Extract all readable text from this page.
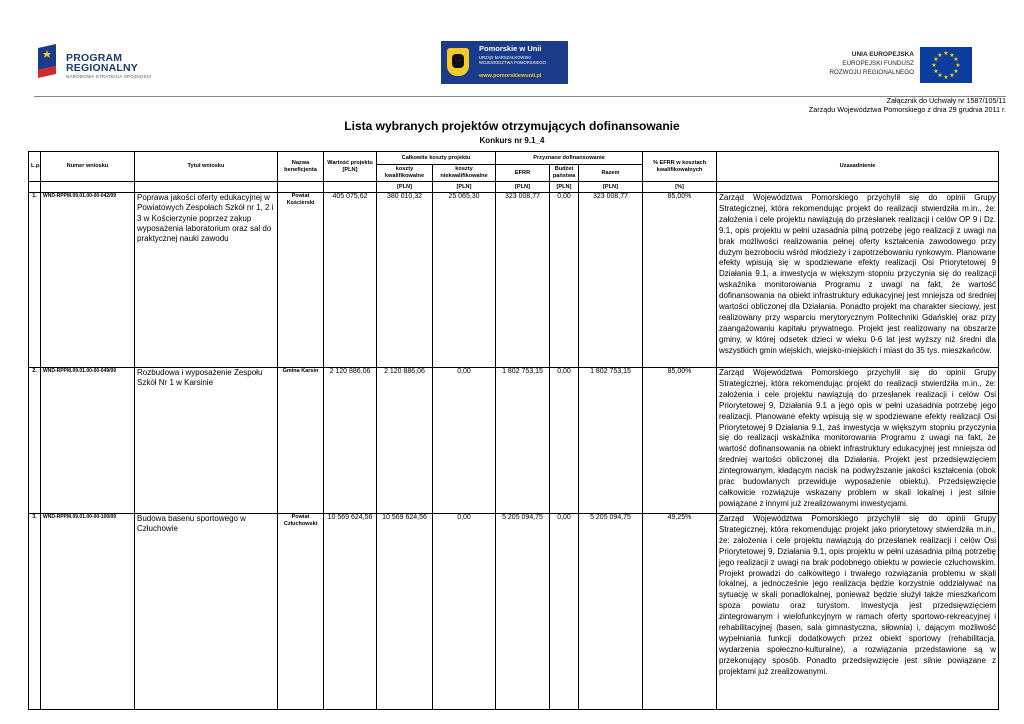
PROGRAM
REGIONALNY
NARODOWA STRATEGIA SPÓJNOŚCI
Pomorskie w Unii
URZĄD MARSZAŁKOWSKI
WOJEWÓDZTWA POMORSKIEGO
www.pomorskiewunii.pl
UNIA EUROPEJSKA
EUROPEJSKI FUNDUSZ
ROZWOJU REGIONALNEGO
★ ★
★
★
★
★
★
★
★
★
★
★
Załącznik do Uchwały nr 1587/105/11
Zarządu Województwa Pomorskiego z dnia 29 grudnia 2011 r.
Lista wybranych projektów otrzymujących dofinansowanie
Konkurs nr 9.1_4
L.p.	Numer wniosku	Tytuł wniosku	Nazwa beneficjenta	Wartość projektu [PLN]	Całkowite koszty projektu		Przyznane dofinansowanie			% EFRR w kosztach kwalifikowalnych	Uzasadnienie
					koszty kwalifikowalne	koszty niekwalifikowalne	EFRR	Budżet państwa	Razem		
					[PLN]	[PLN]	[PLN]	[PLN]	[PLN]	[%]	
1.	WND-RPPM.09.01.00-00-042/09	Poprawa jakości oferty edukacyjnej w Powiatowych Zespołach Szkół nr 1, 2 i 3 w Kościerzynie poprzez zakup wyposażenia laboratorium oraz sal do praktycznej nauki zawodu	Powiat Kościerski	405 075,62	380 010,32	25 065,30	323 008,77	0,00	323 008,77	85,00%	Zarząd Województwa Pomorskiego przychylił się do opinii Grupy Strategicznej, która rekomendując projekt do realizacji stwierdziła m.in., że: założenia i cele projektu nawiązują do przesłanek realizacji i celów OP 9 i Dz. 9.1, opis projektu w pełni uzasadnia pilną potrzebę jego realizacji z uwagi na brak możliwości realizowania pełnej oferty kształcenia zawodowego przy dużym bezrobociu wśród młodzieży i zapotrzebowaniu rynkowym. Planowane efekty wpisują się w spodziewane efekty realizacji Osi Priorytetowej 9 Działania 9.1, a inwestycja w większym stopniu przyczynia się do realizacji wskaźnika monitorowania Programu z uwagi na fakt, że wartość dofinansowania na obiekt infrastruktury edukacyjnej jest mniejsza od średniej wartości obliczonej dla Działania. Ponadto projekt ma charakter sieciowy, jest realizowany przy wsparciu merytorycznym Politechniki Gdańskiej oraz przy zaangażowaniu kapitału prywatnego. Projekt jest realizowany na obszarze gminy, w której odsetek dzieci w wieku 0-6 lat jest wyższy niż średni dla wszystkich gmin wiejskich, wiejsko-miejskich i miast do 35 tys. mieszkańców.
2.	WND-RPPM.09.01.00-00-049/09	Rozbudowa i wyposażenie Zespołu Szkół Nr 1 w Karsinie	Gmina Karsin	2 120 886,06	2 120 886,06	0,00	1 802 753,15	0,00	1 802 753,15	85,00%	Zarząd Województwa Pomorskiego przychylił się do opinii Grupy Strategicznej, która rekomendując projekt do realizacji stwierdziła m.in., że: założenia i cele projektu nawiązują do przesłanek realizacji i celów Osi Priorytetowej 9, Działania 9.1 a jego opis w pełni uzasadnia potrzebę jego realizacji. Planowane efekty wpisują się w spodziewane efekty realizacji Osi Priorytetowej 9 Działania 9.1, zaś inwestycja w większym stopniu przyczynia się do realizacji wskaźnika monitorowania Programu z uwagi na fakt, że wartość dofinansowania na obiekt infrastruktury edukacyjnej jest mniejsza od średniej wartości obliczonej dla Działania. Projekt jest przedsięwzięciem zintegrowanym, kładącym nacisk na podwyższanie jakości kształcenia (obok prac budowlanych przewiduje wyposażenie obiektu). Przedsięwzięcie całkowicie rozwiązuje wskazany problem w skali lokalnej i jest silnie powiązane z innymi już zrealizowanymi inwestycjami.
3.	WND-RPPM.09.01.00-00-100/09	Budowa basenu sportowego w Człuchowie	Powiat Człuchowski	10 569 624,56	10 569 624,56	0,00	5 205 094,75	0,00	5 205 094,75	49,25%	Zarząd Województwa Pomorskiego przychylił się do opinii Grupy Strategicznej, która rekomendując projekt jako priorytetowy stwierdziła m.in., że: założenia i cele projektu nawiązują do przesłanek realizacji i celów Osi Priorytetowej 9, Działania 9.1, opis projektu w pełni uzasadnia pilną potrzebę jego realizacji z uwagi na brak podobnego obiektu w powiecie człuchowskim. Projekt prowadzi do całkowitego i trwałego rozwiązania problemu w skali lokalnej, a jednocześnie jego realizacja będzie korzystnie oddziaływać na sytuację w skali ponadlokalnej, ponieważ będzie służył także mieszkańcom spoza powiatu oraz turystom. Inwestycja jest przedsięwzięciem zintegrowanym i wielofunkcyjnym w ramach oferty sportowo-rekreacyjnej i rehabilitacyjnej (basen, sala gimnastyczna, siłownia) i, dającym możliwość wypełniania funkcji dodatkowych przez obiekt sportowy (rehabilitacja, wydarzenia społeczno-kulturalne), a rozwiązania przedstawione są w przekonujący sposób. Ponadto przedsięwzięcie jest silnie powiązane z projektami już zrealizowanymi.
